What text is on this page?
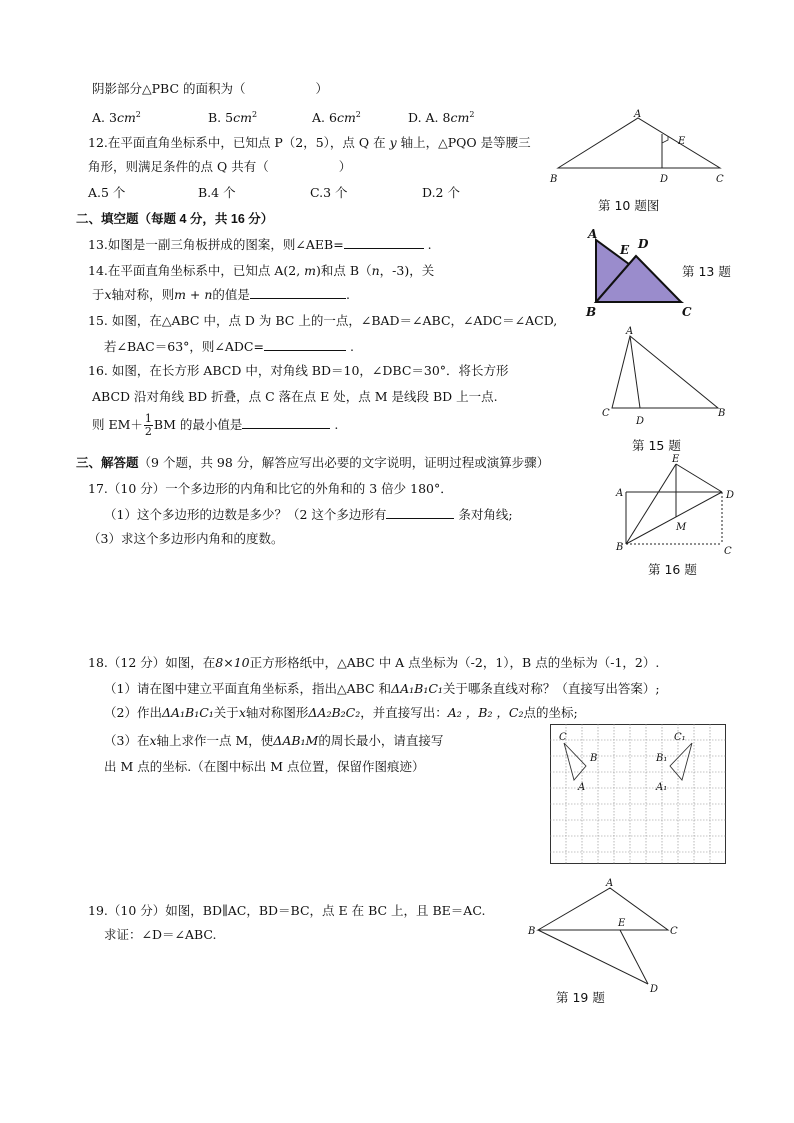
阴影部分△PBC 的面积为（	）
A. $3cm^2$	B. $5cm^2$	A. $6cm^2$	D. A. $8cm^2$
12.在平面直角坐标系中，已知点 P（2，5），点 Q 在 y 轴上，△PQO 是等腰三
角形，则满足条件的点 Q 共有（	）
A.5 个	B.4 个	C.3 个	D.2 个
A
E
B	D	C
第 10 题图
二、填空题（每题 4 分，共 16 分）
13.如图是一副三角板拼成的图案，则∠AEB=	.
A
E D
B	C
第 13 题
14.在平面直角坐标系中，已知点 A(2, m)和点 B（n，-3)，关
于x轴对称，则m + n的值是	.
15. 如图，在△ABC 中，点 D 为 BC 上的一点，∠BAD＝∠ABC，∠ADC＝∠ACD,
若∠BAC＝63°，则∠ADC=	.
A
C
D
B
第 15 题
16. 如图，在长方形 ABCD 中，对角线 BD＝10，∠DBC＝30°．将长方形
ABCD 沿对角线 BD 折叠，点 C 落在点 E 处，点 M 是线段 BD 上一点.
则 $EM+ \frac{1}{2}$ BM 的最小值是	.
E
A	D
M
B	C
第 16 题
三、解答题（9 个题，共 98 分，解答应写出必要的文字说明，证明过程或演算步骤）
17.（10 分）一个多边形的内角和比它的外角和的 3 倍少 180°．
（1）这个多边形的边数是多少？（2 这个多边形有	条对角线;
（3）求这个多边形内角和的度数。
18.（12 分）如图，在8×10正方形格纸中，△ABC 中 A 点坐标为（-2，1），B 点的坐标为（-1，2）.
（1）请在图中建立平面直角坐标系，指出△ABC 和ΔA₁B₁C₁关于哪条直线对称？（直接写出答案）;
（2）作出ΔA₁B₁C₁关于x轴对称图形ΔA₂B₂C₂，并直接写出：A₂ ，B₂ ，C₂点的坐标;
（3）在x轴上求作一点 M，使ΔAB₁M的周长最小，请直接写
出 M 点的坐标.（在图中标出 M 点位置，保留作图痕迹）
C
B
A
C₁
B₁
A₁
19.（10 分）如图，BD∥AC，BD＝BC，点 E 在 BC 上，且 BE＝AC.
求证：∠D＝∠ABC.
A
B
E
C
D
第 19 题
